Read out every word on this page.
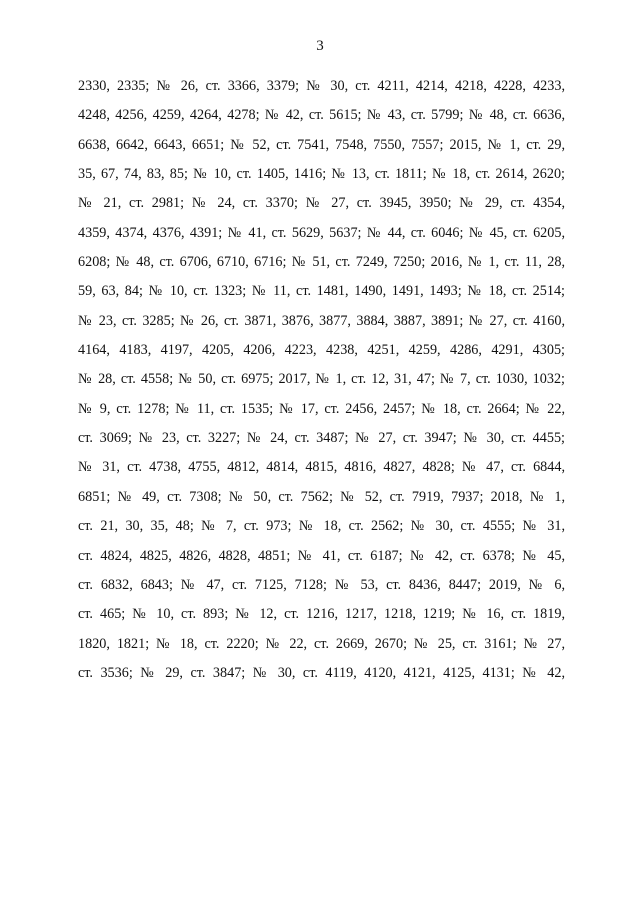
3
2330, 2335; № 26, ст. 3366, 3379; № 30, ст. 4211, 4214, 4218, 4228, 4233,
4248, 4256, 4259, 4264, 4278; № 42, ст. 5615; № 43, ст. 5799; № 48, ст. 6636,
6638, 6642, 6643, 6651; № 52, ст. 7541, 7548, 7550, 7557; 2015, № 1, ст. 29,
35, 67, 74, 83, 85; № 10, ст. 1405, 1416; № 13, ст. 1811; № 18, ст. 2614, 2620;
№ 21, ст. 2981; № 24, ст. 3370; № 27, ст. 3945, 3950; № 29, ст. 4354,
4359, 4374, 4376, 4391; № 41, ст. 5629, 5637; № 44, ст. 6046; № 45, ст. 6205,
6208; № 48, ст. 6706, 6710, 6716; № 51, ст. 7249, 7250; 2016, № 1, ст. 11, 28,
59, 63, 84; № 10, ст. 1323; № 11, ст. 1481, 1490, 1491, 1493; № 18, ст. 2514;
№ 23, ст. 3285; № 26, ст. 3871, 3876, 3877, 3884, 3887, 3891; № 27, ст. 4160,
4164, 4183, 4197, 4205, 4206, 4223, 4238, 4251, 4259, 4286, 4291, 4305;
№ 28, ст. 4558; № 50, ст. 6975; 2017, № 1, ст. 12, 31, 47; № 7, ст. 1030, 1032;
№ 9, ст. 1278; № 11, ст. 1535; № 17, ст. 2456, 2457; № 18, ст. 2664; № 22,
ст. 3069; № 23, ст. 3227; № 24, ст. 3487; № 27, ст. 3947; № 30, ст. 4455;
№ 31, ст. 4738, 4755, 4812, 4814, 4815, 4816, 4827, 4828; № 47, ст. 6844,
6851; № 49, ст. 7308; № 50, ст. 7562; № 52, ст. 7919, 7937; 2018, № 1,
ст. 21, 30, 35, 48; № 7, ст. 973; № 18, ст. 2562; № 30, ст. 4555; № 31,
ст. 4824, 4825, 4826, 4828, 4851; № 41, ст. 6187; № 42, ст. 6378; № 45,
ст. 6832, 6843; № 47, ст. 7125, 7128; № 53, ст. 8436, 8447; 2019, № 6,
ст. 465; № 10, ст. 893; № 12, ст. 1216, 1217, 1218, 1219; № 16, ст. 1819,
1820, 1821; № 18, ст. 2220; № 22, ст. 2669, 2670; № 25, ст. 3161; № 27,
ст. 3536; № 29, ст. 3847; № 30, ст. 4119, 4120, 4121, 4125, 4131; № 42,
